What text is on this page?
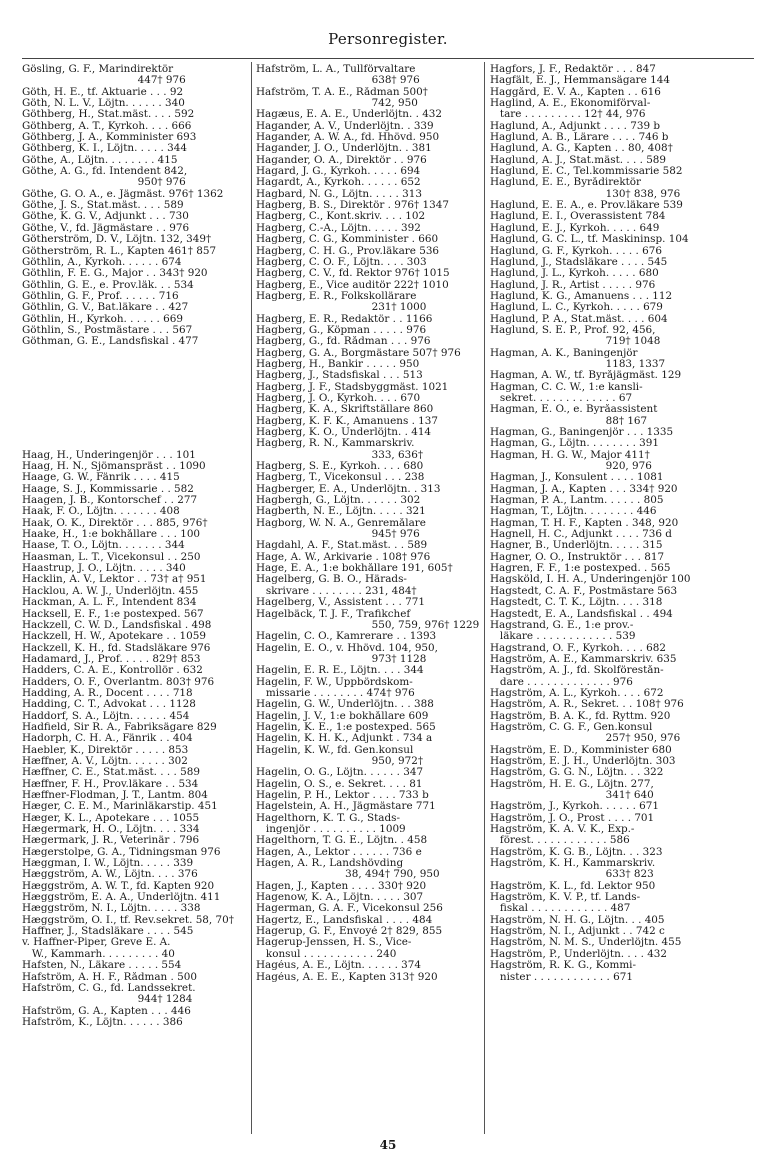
Personregister.
Gösling, G. F., Marindirektör
447† 976
Göth, H. E., tf. Aktuarie . . . 92
Göth, N. L. V., Löjtn. . . . . . 340
Göthberg, H., Stat.mäst. . . . 592
Göthberg, A. T., Kyrkoh. . . . 666
Göthberg, J. A., Komminister 693
Göthberg, K. I., Löjtn. . . . . 344
Göthe, A., Löjtn. . . . . . . . 415
Göthe, A. G., fd. Intendent 842,
950† 976
Göthe, G. O. A., e. Jägmäst. 976† 1362
Göthe, J. S., Stat.mäst. . . . 589
Göthe, K. G. V., Adjunkt . . . 730
Göthe, V., fd. Jägmästare . . 976
Götherström, D. V., Löjtn. 132, 349†
Götherström, R. L., Kapten 461† 857
Göthlin, A., Kyrkoh. . . . . . 674
Göthlin, F. E. G., Major . . 343† 920
Göthlin, G. E., e. Prov.läk. . . 534
Göthlin, G. F., Prof. . . . . . 716
Göthlin, G. V., Bat.läkare . . 427
Göthlin, H., Kyrkoh. . . . . . 669
Göthlin, S., Postmästare . . . 567
Göthman, G. E., Landsfiskal . 477
Haag, H., Underingenjör . . . 101
Haag, H. N., Sjömanspräst . . 1090
Haage, G. W., Fänrik . . . . 415
Haage, S. J., Kommissarie . . 582
Haagen, J. B., Kontorschef . . 277
Haak, F. O., Löjtn. . . . . . . 408
Haak, O. K., Direktör . . . 885, 976†
Haake, H., 1:e bokhållare . . . 100
Haase, T. O., Löjtn. . . . . . . 344
Haasman, L. T., Vicekonsul . . 250
Haastrup, J. O., Löjtn. . . . . 340
Hacklin, A. V., Lektor . . 73† a† 951
Hacklou, A. W. J., Underlöjtn. 455
Hackman, A. L. F., Intendent 834
Hacksell, E. F., 1:e postexped. 567
Hackzell, C. W. D., Landsfiskal . 498
Hackzell, H. W., Apotekare . . 1059
Hackzell, K. H., fd. Stadsläkare 976
Hadamard, J., Prof. . . . . 829† 853
Hadders, C. A. E., Kontrollör . 632
Hadders, O. F., Överlantm. 803† 976
Hadding, A. R., Docent . . . . 718
Hadding, C. T., Advokat . . . 1128
Haddorf, S. A., Löjtn. . . . . . 454
Hadfield, Sir R. A., Fabriksägare 829
Hadorph, C. H. A., Fänrik . . 404
Haebler, K., Direktör . . . . . 853
Hæffner, A. V., Löjtn. . . . . . 302
Hæffner, C. E., Stat.mäst. . . . 589
Hæffner, F. H., Prov.läkare . . 534
Hæffner-Flodman, J. T., Lantm. 804
Hæger, C. E. M., Marinläkarstip. 451
Hæger, K. L., Apotekare . . . 1055
Hægermark, H. O., Löjtn. . . . 334
Hægermark, J. R., Veterinär . 796
Hægerstolpe, G. A., Tidningsman 976
Hæggman, I. W., Löjtn. . . . . 339
Hæggström, A. W., Löjtn. . . . 376
Hæggström, A. W. T., fd. Kapten 920
Hæggström, E. A. A., Underlöjtn. 411
Hæggström, N. I., Löjtn. . . . . 338
Hæggström, O. I., tf. Rev.sekret. 58, 70†
Haffner, J., Stadsläkare . . . . 545
v. Haffner-Piper, Greve E. A.
W., Kammarh. . . . . . . . . 40
Hafsten, N., Läkare . . . . . 554
Hafström, A. H. F., Rådman . 500
Hafström, C. G., fd. Landssekret.
944† 1284
Hafström, G. A., Kapten . . . 446
Hafström, K., Löjtn. . . . . . 386
Hafström, L. A., Tullförvaltare
638† 976
Hafström, T. A. E., Rådman 500†
742, 950
Hagæus, E. A. E., Underlöjtn. . 432
Hagander, A. V., Underlöjtn. . 339
Hagander, A. W. A., fd. Hhövd. 950
Hagander, J. O., Underlöjtn. . 381
Hagander, O. A., Direktör . . 976
Hagard, J. G., Kyrkoh. . . . . 694
Hagardt, A., Kyrkoh. . . . . . 652
Hagbard, N. G., Löjtn. . . . . 313
Hagberg, B. S., Direktör . 976† 1347
Hagberg, C., Kont.skriv. . . . 102
Hagberg, C.-A., Löjtn. . . . . 392
Hagberg, C. G., Komminister . 660
Hagberg, C. H. G., Prov.läkare 536
Hagberg, C. O. F., Löjtn. . . . 303
Hagberg, C. V., fd. Rektor 976† 1015
Hagberg, E., Vice auditör 222† 1010
Hagberg, E. R., Folkskollärare
231† 1000
Hagberg, E. R., Redaktör . . 1166
Hagberg, G., Köpman . . . . . 976
Hagberg, G., fd. Rådman . . . 976
Hagberg, G. A., Borgmästare 507† 976
Hagberg, H., Bankir . . . . . 950
Hagberg, J., Stadsfiskal . . . 513
Hagberg, J. F., Stadsbyggmäst. 1021
Hagberg, J. O., Kyrkoh. . . . 670
Hagberg, K. A., Skriftställare 860
Hagberg, K. F. K., Amanuens . 137
Hagberg, K. O., Underlöjtn. . 414
Hagberg, R. N., Kammarskriv.
333, 636†
Hagberg, S. E., Kyrkoh. . . . 680
Hagberg, T., Vicekonsul . . . 238
Hagberger, E. A., Underlöjtn. . 313
Hagbergh, G., Löjtn. . . . . . 302
Hagberth, N. E., Löjtn. . . . . 321
Hagborg, W. N. A., Genremålare
945† 976
Hagdahl, A. F., Stat.mäst. . . 589
Hage, A. W., Arkivarie . 108† 976
Hage, E. A., 1:e bokhållare 191, 605†
Hagelberg, G. B. O., Härads-
skrivare . . . . . . . . 231, 484†
Hagelberg, V., Assistent . . . 771
Hagelbäck, T. J. F., Trafikchef
550, 759, 976† 1229
Hagelin, C. O., Kamrerare . . 1393
Hagelin, E. O., v. Hhövd. 104, 950,
973† 1128
Hagelin, E. R. E., Löjtn. . . . 344
Hagelin, F. W., Uppbördskom-
missarie . . . . . . . . 474† 976
Hagelin, G. W., Underlöjtn. . . 388
Hagelin, J. V., 1:e bokhållare 609
Hagelin, K. E., 1:e postexped. 565
Hagelin, K. H. K., Adjunkt . 734 a
Hagelin, K. W., fd. Gen.konsul
950, 972†
Hagelin, O. G., Löjtn. . . . . . 347
Hagelin, O. S., e. Sekret. . . . 81
Hagelin, P. H., Lektor . . . . 733 b
Hagelstein, A. H., Jägmästare 771
Hagelthorn, K. T. G., Stads-
ingenjör . . . . . . . . . . 1009
Hagelthorn, T. G. E., Löjtn. . 458
Hagen, A., Lektor . . . . . . 736 e
Hagen, A. R., Landshövding
38, 494† 790, 950
Hagen, J., Kapten . . . . 330† 920
Hagenow, K. A., Löjtn. . . . . 307
Hagerman, G. A. F., Vicekonsul 256
Hagertz, E., Landsfiskal . . . . 484
Hagerup, G. F., Envoyé 2† 829, 855
Hagerup-Jenssen, H. S., Vice-
konsul . . . . . . . . . . . 240
Hagéus, A. E., Löjtn. . . . . . 374
Hagéus, A. E. E., Kapten 313† 920
Hagfors, J. F., Redaktör . . . 847
Hagfält, E. J., Hemmansägare 144
Haggård, E. V. A., Kapten . . 616
Haglind, A. E., Ekonomiförval-
tare . . . . . . . . . 12† 44, 976
Haglund, A., Adjunkt . . . . 739 b
Haglund, A. B., Lärare . . . . 746 b
Haglund, A. G., Kapten . . 80, 408†
Haglund, A. J., Stat.mäst. . . . 589
Haglund, E. C., Tel.kommissarie 582
Haglund, E. E., Byrådirektör
130† 838, 976
Haglund, E. E. A., e. Prov.läkare 539
Haglund, E. I., Överassistent 784
Haglund, E. J., Kyrkoh. . . . . 649
Haglund, G. C. L., tf. Maskininsp. 104
Haglund, G. F., Kyrkoh. . . . . 676
Haglund, J., Stadsläkare . . . . 545
Haglund, J. L., Kyrkoh. . . . . 680
Haglund, J. R., Artist . . . . . 976
Haglund, K. G., Amanuens . . . 112
Haglund, L. C., Kyrkoh. . . . . 679
Haglund, P. A., Stat.mäst. . . . 604
Haglund, S. E. P., Prof. 92, 456,
719† 1048
Hagman, A. K., Baningenjör
1183, 1337
Hagman, A. W., tf. Byråjägmäst. 129
Hagman, C. C. W., 1:e kansli-
sekret. . . . . . . . . . . . . 67
Hagman, E. O., e. Byråassistent
88† 167
Hagman, G., Baningenjör . . . 1335
Hagman, G., Löjtn. . . . . . . . 391
Hagman, H. G. W., Major 411†
920, 976
Hagman, J., Konsulent . . . . 1081
Hagman, J. A., Kapten . . . 334† 920
Hagman, P. A., Lantm. . . . . . 805
Hagman, T., Löjtn. . . . . . . . 446
Hagman, T. H. F., Kapten . 348, 920
Hagnell, H. C., Adjunkt . . . . 736 d
Hagner, B., Underlöjtn. . . . . 315
Hagner, O. O., Instruktör . . . 817
Hagren, F. F., 1:e postexped. . 565
Hagsköld, I. H. A., Underingenjör 100
Hagstedt, C. A. F., Postmästare 563
Hagstedt, C. T. K., Löjtn. . . . 318
Hagstedt, E. A., Landsfiskal . . 494
Hagstrand, G. E., 1:e prov.-
läkare . . . . . . . . . . . . 539
Hagstrand, O. F., Kyrkoh. . . . 682
Hagström, A. E., Kammarskriv. 635
Hagström, A. J., fd. Skolförestån-
dare . . . . . . . . . . . . . 976
Hagström, A. L., Kyrkoh. . . . 672
Hagström, A. R., Sekret. . . 108† 976
Hagström, B. A. K., fd. Ryttm. 920
Hagström, C. G. F., Gen.konsul
257† 950, 976
Hagström, E. D., Komminister 680
Hagström, E. J. H., Underlöjtn. 303
Hagström, G. G. N., Löjtn. . . 322
Hagström, H. E. G., Löjtn. 277,
341† 640
Hagström, J., Kyrkoh. . . . . . 671
Hagström, J. O., Prost . . . . 701
Hagström, K. A. V. K., Exp.-
förest. . . . . . . . . . . . 586
Hagström, K. G. B., Löjtn. . . 323
Hagström, K. H., Kammarskriv.
633† 823
Hagström, K. L., fd. Lektor 950
Hagström, K. V. P., tf. Lands-
fiskal . . . . . . . . . . . . 487
Hagström, N. H. G., Löjtn. . . 405
Hagström, N. I., Adjunkt . . 742 c
Hagström, N. M. S., Underlöjtn. 455
Hagström, P., Underlöjtn. . . . 432
Hagström, R. K. G., Kommi-
nister . . . . . . . . . . . . 671
45
